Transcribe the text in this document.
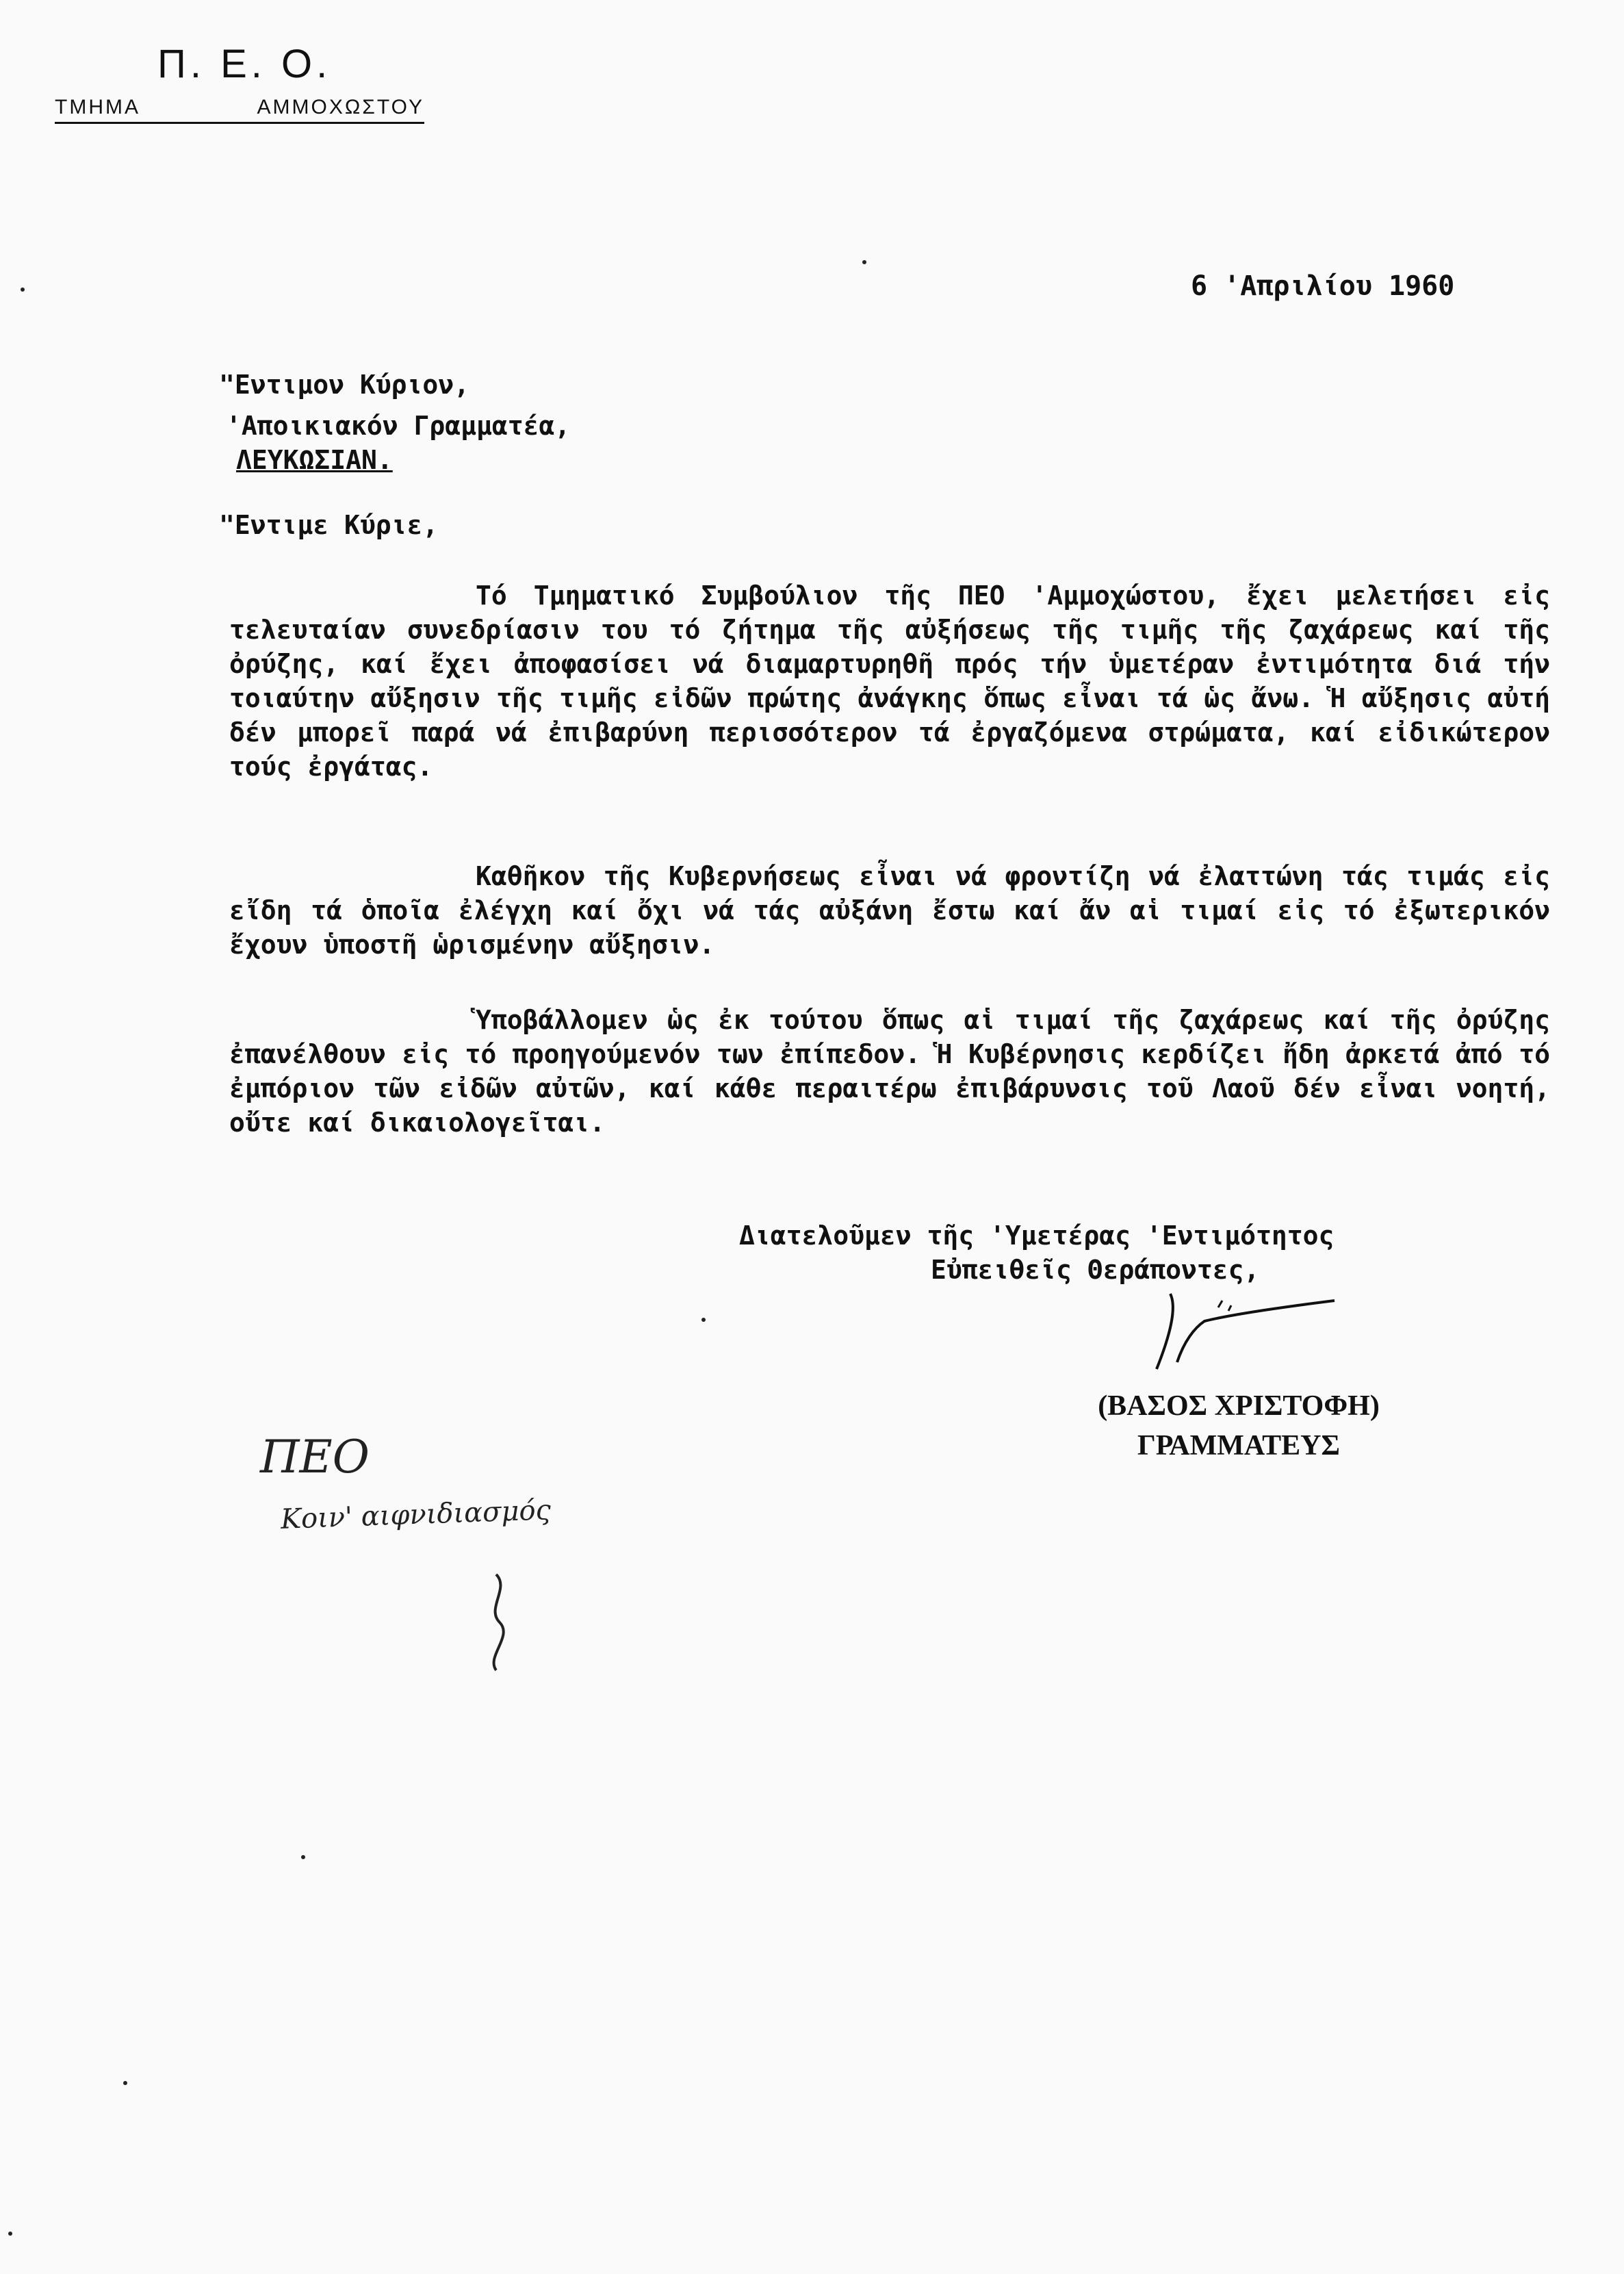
Π. Ε. Ο.
ΤΜΗΜΑ	ΑΜΜΟΧΩΣΤΟΥ
6 'Απριλίου 1960
"Εντιμον Κύριον,
'Αποικιακόν Γραμματέα,
ΛΕΥΚΩΣΙΑΝ.
"Εντιμε Κύριε,
Τό Τμηματικό Συμβούλιον τῆς ΠΕΟ 'Αμμοχώστου, ἔχει μελετήσει εἰς τελευταίαν συνεδρίασιν του τό ζήτημα τῆς αὐξήσεως τῆς τιμῆς τῆς ζαχάρεως καί τῆς ὀρύζης, καί ἔχει ἀποφασίσει νά διαμαρτυρηθῆ πρός τήν ὑμετέραν ἐντιμότητα διά τήν τοιαύτην αὔξησιν τῆς τιμῆς εἰδῶν πρώτης ἀνάγκης ὅπως εἶναι τά ὡς ἄνω. Ἡ αὔξησις αὐτή δέν μπορεῖ παρά νά ἐπιβαρύνη περισσότερον τά ἐργαζόμενα στρώματα, καί εἰδικώτερον τούς ἐργάτας.
Καθῆκον τῆς Κυβερνήσεως εἶναι νά φροντίζη νά ἐλαττώνη τάς τιμάς εἰς εἴδη τά ὁποῖα ἐλέγχη καί ὄχι νά τάς αὐξάνη ἔστω καί ἄν αἱ τιμαί εἰς τό ἐξωτερικόν ἔχουν ὑποστῆ ὡρισμένην αὔξησιν.
Ὑποβάλλομεν ὡς ἐκ τούτου ὅπως αἱ τιμαί τῆς ζαχάρεως καί τῆς ὀρύζης ἐπανέλθουν εἰς τό προηγούμενόν των ἐπίπεδον. Ἡ Κυβέρνησις κερδίζει ἤδη ἀρκετά ἀπό τό ἐμπόριον τῶν εἰδῶν αὐτῶν, καί κάθε περαιτέρω ἐπιβάρυνσις τοῦ Λαοῦ δέν εἶναι νοητή, οὔτε καί δικαιολογεῖται.
Διατελοῦμεν τῆς 'Υμετέρας 'Εντιμότητος
Εὐπειθεῖς Θεράποντες,
(ΒΑΣΟΣ ΧΡΙΣΤΟΦΗ)
ΓΡΑΜΜΑΤΕΥΣ
ΠΕΟ
Κοιν' αιφνιδιασμός
